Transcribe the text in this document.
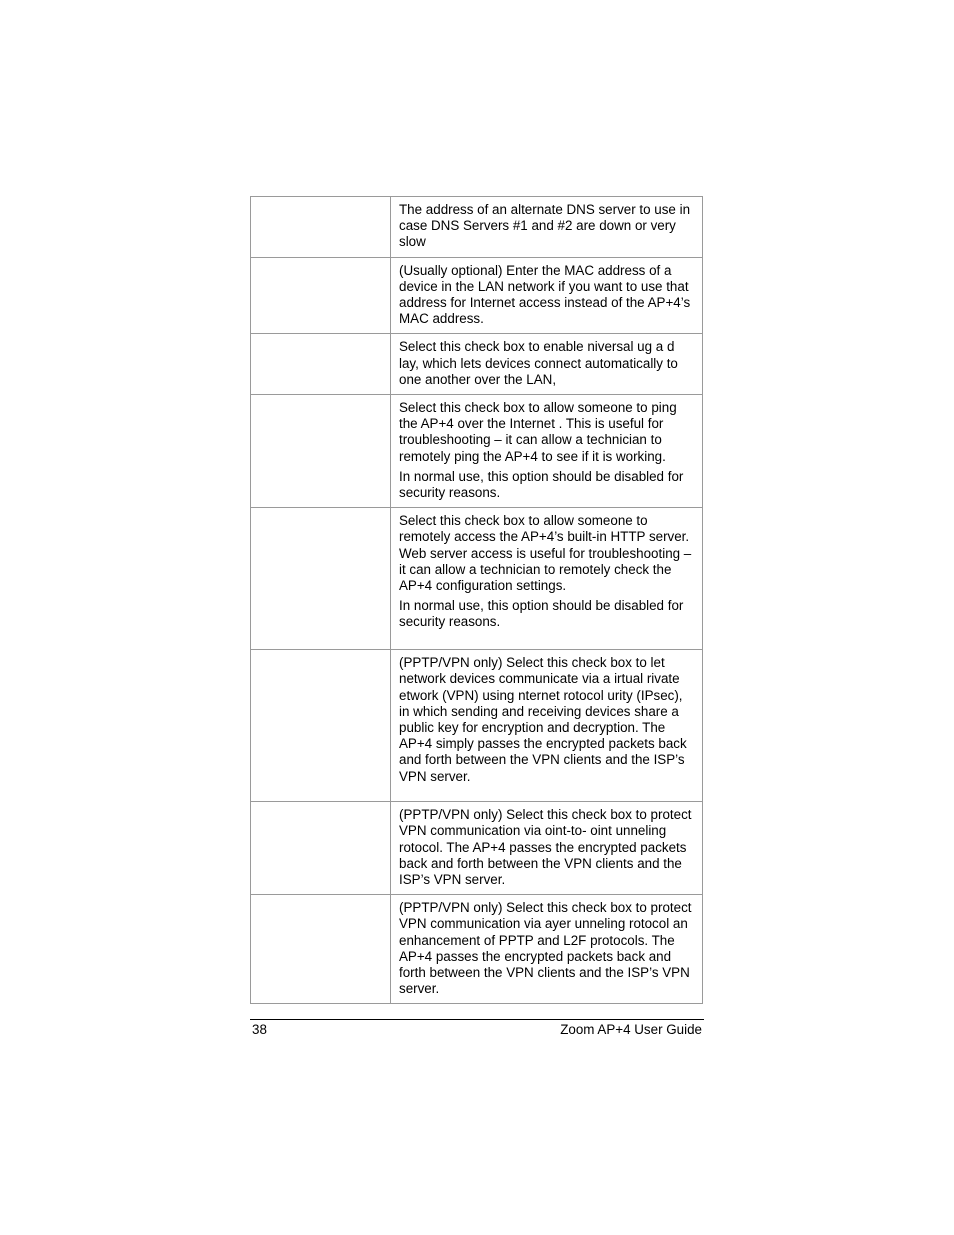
	The address of an alternate DNS server to use in case DNS Servers #1 and #2 are down or very slow

	(Usually optional) Enter the MAC address of a device in the LAN network if you want to use that address for Internet access instead of the AP+4’s MAC address.

	Select this check box to enable niversal ug a d lay, which lets devices connect automatically to one another over the LAN,

	Select this check box to allow someone to ping the AP+4 over the Internet . This is useful for troubleshooting – it can allow a technician to remotely ping the AP+4 to see if it is working.

In normal use, this option should be disabled for security reasons.

	Select this check box to allow someone to remotely access the AP+4’s built-in HTTP server. Web server access is useful for troubleshooting – it can allow a technician to remotely check the AP+4 configuration settings.

In normal use, this option should be disabled for security reasons.

	(PPTP/VPN only) Select this check box to let network devices communicate via a irtual rivate etwork (VPN) using nternet rotocol urity (IPsec), in which sending and receiving devices share a public key for encryption and decryption. The AP+4 simply passes the encrypted packets back and forth between the VPN clients and the ISP’s VPN server.

	(PPTP/VPN only) Select this check box to protect VPN communication via oint-to- oint unneling rotocol. The AP+4 passes the encrypted packets back and forth between the VPN clients and the ISP’s VPN server.

	(PPTP/VPN only) Select this check box to protect VPN communication via ayer unneling rotocol an enhancement of PPTP and L2F protocols. The AP+4 passes the encrypted packets back and forth between the VPN clients and the ISP’s VPN server.

38	Zoom AP+4 User Guide
